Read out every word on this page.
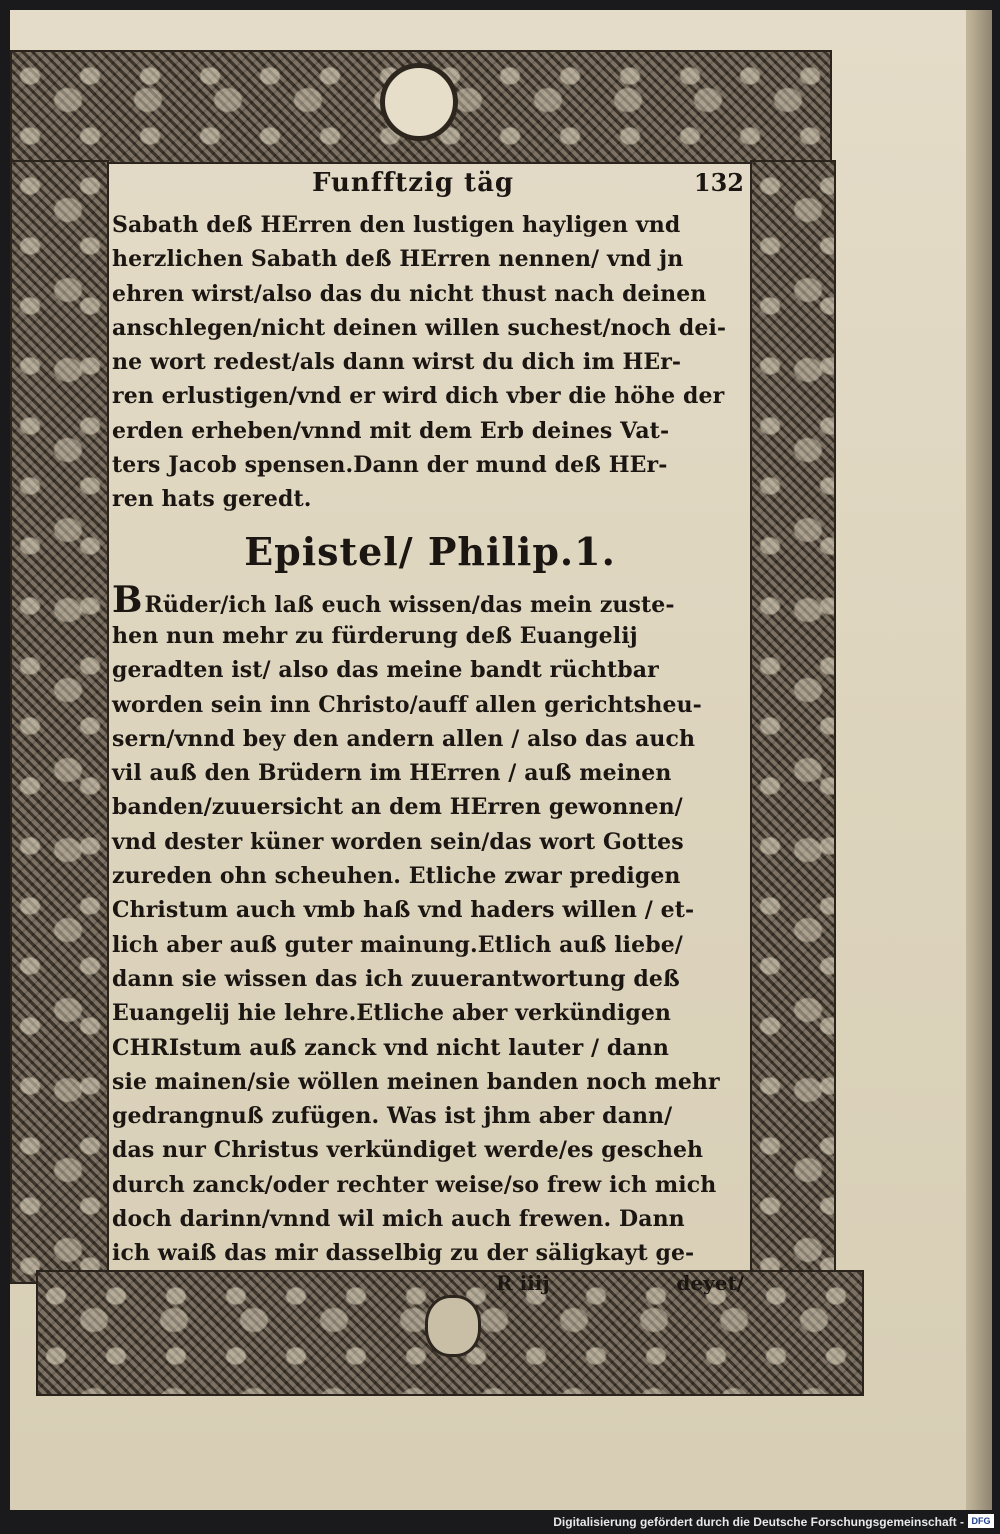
Funfftzig täg	132

Sabath deß HErren den lustigen hayligen vnd

herzlichen Sabath deß HErren nennen/ vnd jn

ehren wirst/also das du nicht thust nach deinen

anschlegen/nicht deinen willen suchest/noch dei-

ne wort redest/als dann wirst du dich im HEr-

ren erlustigen/vnd er wird dich vber die höhe der

erden erheben/vnnd mit dem Erb deines Vat-

ters Jacob spensen.Dann der mund deß HEr-

ren hats geredt.

Epistel/ Philip.1.

BRüder/ich laß euch wissen/das mein zuste-

hen nun mehr zu fürderung deß Euangelij

geradten ist/ also das meine bandt rüchtbar

worden sein inn Christo/auff allen gerichtsheu-

sern/vnnd bey den andern allen / also das auch

vil auß den Brüdern im HErren / auß meinen

banden/zuuersicht an dem HErren gewonnen/

vnd dester küner worden sein/das wort Gottes

zureden ohn scheuhen. Etliche zwar predigen

Christum auch vmb haß vnd haders willen / et-

lich aber auß guter mainung.Etlich auß liebe/

dann sie wissen das ich zuuerantwortung deß

Euangelij hie lehre.Etliche aber verkündigen

CHRIstum auß zanck vnd nicht lauter / dann

sie mainen/sie wöllen meinen banden noch mehr

gedrangnuß zufügen. Was ist jhm aber dann/

das nur Christus verkündiget werde/es gescheh

durch zanck/oder rechter weise/so frew ich mich

doch darinn/vnnd wil mich auch frewen. Dann

ich waiß das mir dasselbig zu der säligkayt ge-

R iiij	deyet/
Digitalisierung gefördert durch die Deutsche Forschungsgemeinschaft - DFG
